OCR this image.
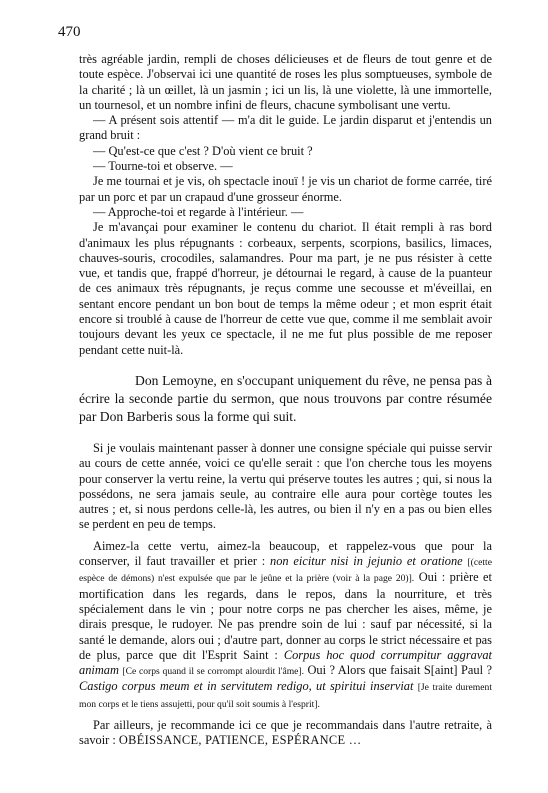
470

très agréable jardin, rempli de choses délicieuses et de fleurs de tout genre et de toute espèce. J'observai ici une quantité de roses les plus somptueuses, symbole de la charité ; là un œillet, là un jasmin ; ici un lis, là une violette, là une immortelle, un tournesol, et un nombre infini de fleurs, chacune symbolisant une vertu.

— A présent sois attentif — m'a dit le guide. Le jardin disparut et j'entendis un grand bruit :

— Qu'est-ce que c'est ? D'où vient ce bruit ?

— Tourne-toi et observe. —

Je me tournai et je vis, oh spectacle inouï ! je vis un chariot de forme carrée, tiré par un porc et par un crapaud d'une grosseur énorme.

— Approche-toi et regarde à l'intérieur. —

Je m'avançai pour examiner le contenu du chariot. Il était rempli à ras bord d'animaux les plus répugnants : corbeaux, serpents, scorpions, basilics, limaces, chauves-souris, crocodiles, salamandres. Pour ma part, je ne pus résister à cette vue, et tandis que, frappé d'horreur, je détournai le regard, à cause de la puanteur de ces animaux très répugnants, je reçus comme une secousse et m'éveillai, en sentant encore pendant un bon bout de temps la même odeur ; et mon esprit était encore si troublé à cause de l'horreur de cette vue que, comme il me semblait avoir toujours devant les yeux ce spectacle, il ne me fut plus possible de me reposer pendant cette nuit-là.

Don Lemoyne, en s'occupant uniquement du rêve, ne pensa pas à écrire la seconde partie du sermon, que nous trouvons par contre résumée par Don Barberis sous la forme qui suit.

Si je voulais maintenant passer à donner une consigne spéciale qui puisse servir au cours de cette année, voici ce qu'elle serait : que l'on cherche tous les moyens pour conserver la vertu reine, la vertu qui préserve toutes les autres ; qui, si nous la possédons, ne sera jamais seule, au contraire elle aura pour cortège toutes les autres ; et, si nous perdons celle-là, les autres, ou bien il n'y en a pas ou bien elles se perdent en peu de temps.

Aimez-la cette vertu, aimez-la beaucoup, et rappelez-vous que pour la conserver, il faut travailler et prier : non eicitur nisi in jejunio et oratione [(cette espèce de démons) n'est expulsée que par le jeûne et la prière (voir à la page 20)]. Oui : prière et mortification dans les regards, dans le repos, dans la nourriture, et très spécialement dans le vin ; pour notre corps ne pas chercher les aises, même, je dirais presque, le rudoyer. Ne pas prendre soin de lui : sauf par nécessité, si la santé le demande, alors oui ; d'autre part, donner au corps le strict nécessaire et pas de plus, parce que dit l'Esprit Saint : Corpus hoc quod corrumpitur aggravat animam [Ce corps quand il se corrompt alourdit l'âme]. Oui ? Alors que faisait S[aint] Paul ? Castigo corpus meum et in servitutem redigo, ut spiritui inserviat [Je traite durement mon corps et le tiens assujetti, pour qu'il soit soumis à l'esprit].

Par ailleurs, je recommande ici ce que je recommandais dans l'autre retraite, à savoir : OBÉISSANCE, PATIENCE, ESPÉRANCE …
